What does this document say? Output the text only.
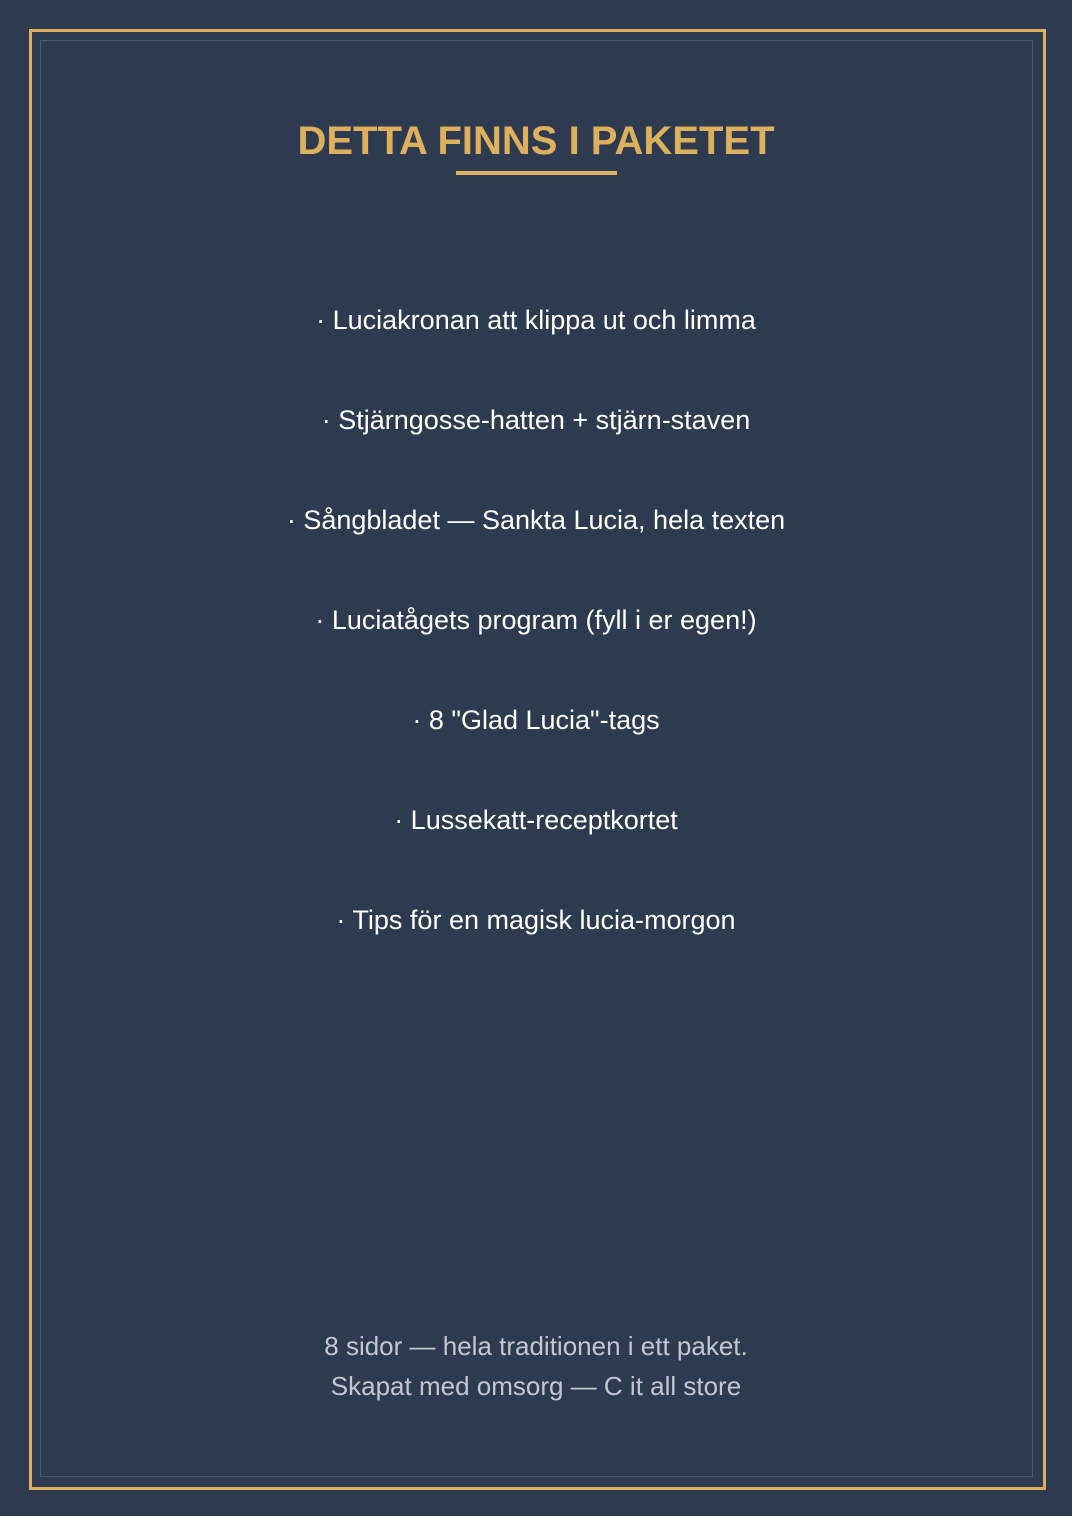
DETTA FINNS I PAKETET
· Luciakronan att klippa ut och limma
· Stjärngosse-hatten + stjärn-staven
· Sångbladet — Sankta Lucia, hela texten
· Luciatågets program (fyll i er egen!)
· 8 "Glad Lucia"-tags
· Lussekatt-receptkortet
· Tips för en magisk lucia-morgon
8 sidor — hela traditionen i ett paket.
Skapat med omsorg — C it all store
